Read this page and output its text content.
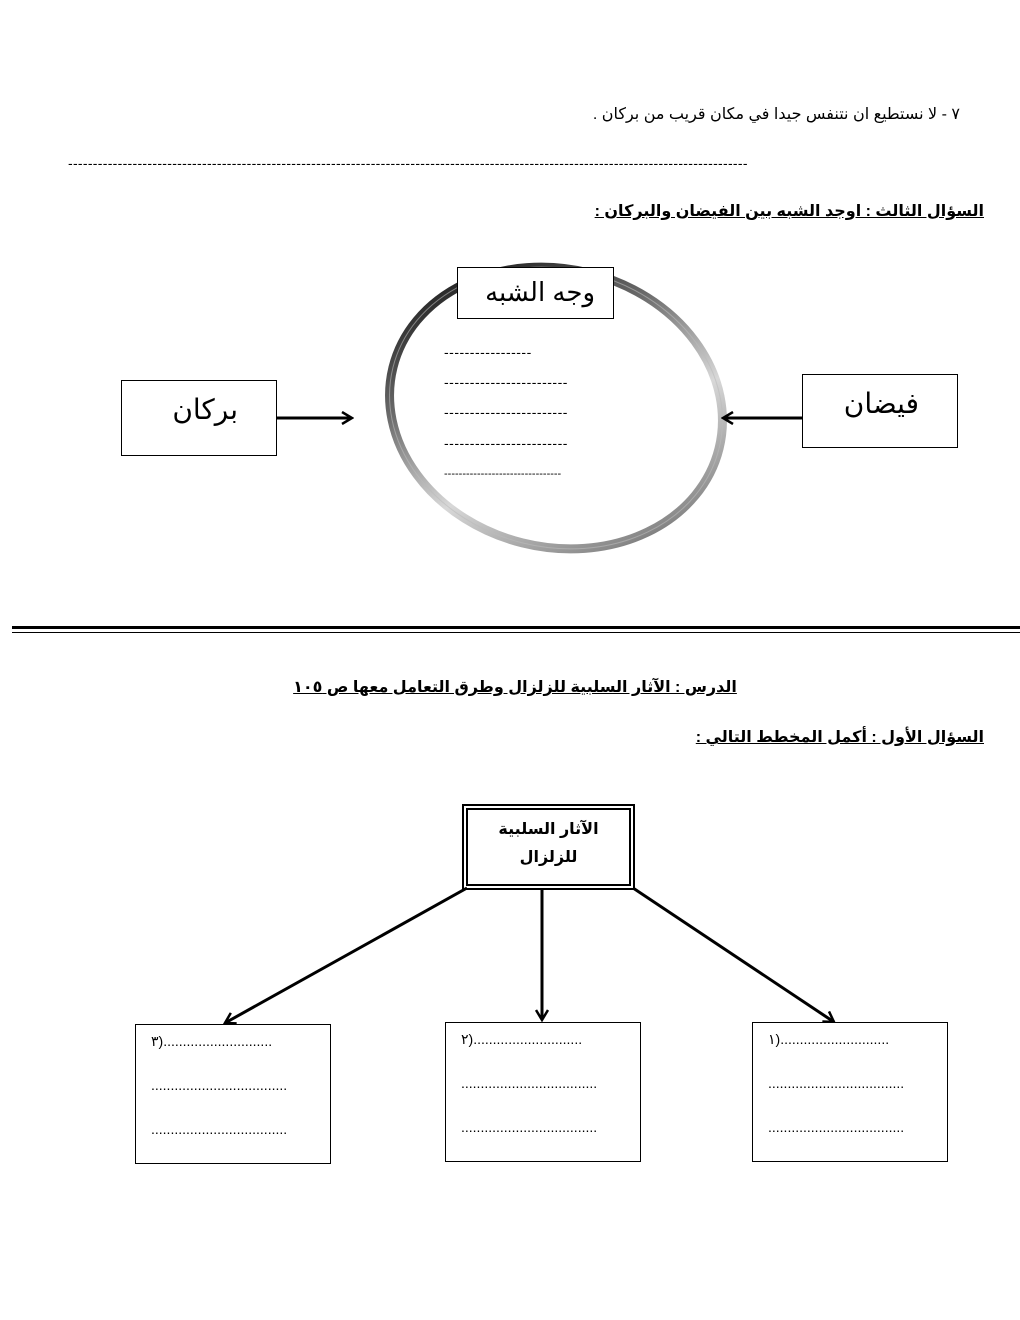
٧ - لا نستطيع ان نتنفس جيدا في مكان قريب من بركان .
-----------------------------------------------------------------------------------------------------------------------------------------
السؤال الثالث : اوجد الشبه بين الفيضان والبركان :
بركان	فيضان
وجه الشبه
-----------------
------------------------
------------------------
------------------------
--------------------------------
الدرس : الآثار السلبية للزلزال وطرق التعامل معها ص ١٠٥
السؤال الأول : أكمل المخطط التالي :
الآثار السلبية
للزلزال
٣)............................
...................................
...................................
٢)............................
...................................
...................................
١)............................
...................................
...................................
